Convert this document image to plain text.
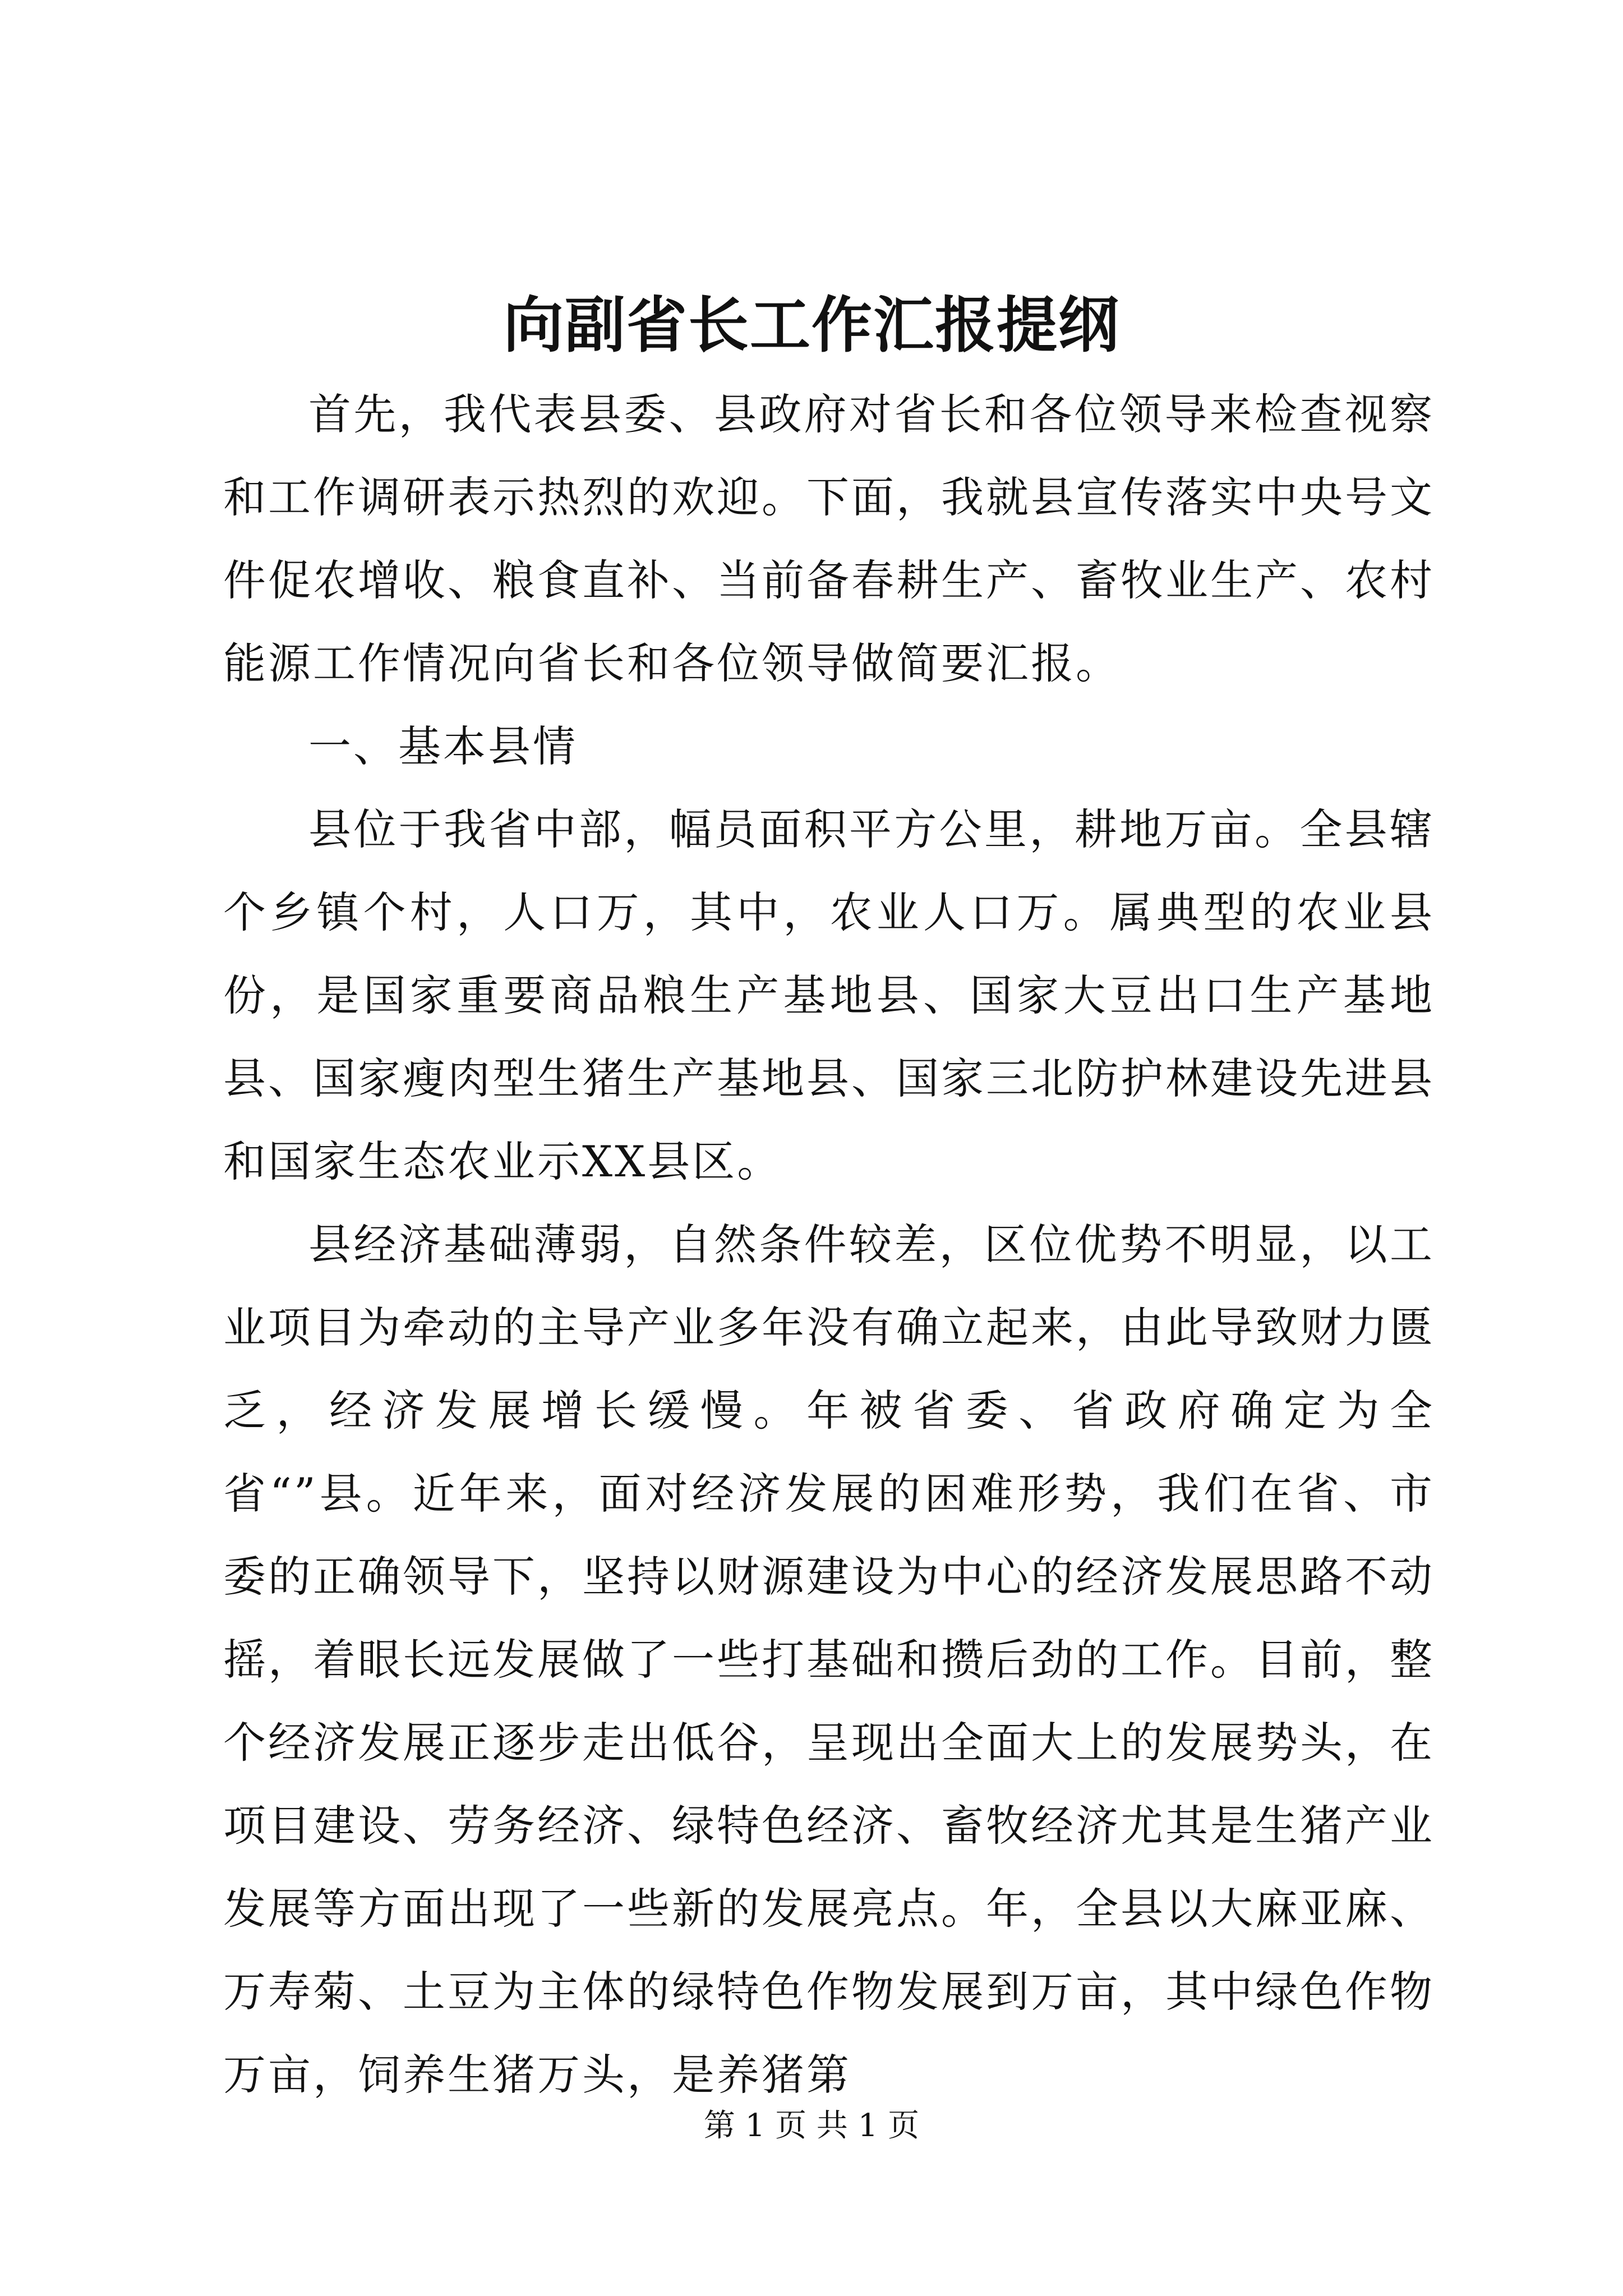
向副省长工作汇报提纲

首先，我代表县委、县政府对省长和各位领导来检查视察和工作调研表示热烈的欢迎。下面，我就县宣传落实中央号文件促农增收、粮食直补、当前备春耕生产、畜牧业生产、农村能源工作情况向省长和各位领导做简要汇报。

一、基本县情

县位于我省中部，幅员面积平方公里，耕地万亩。全县辖个乡镇个村，人口万，其中，农业人口万。属典型的农业县份，是国家重要商品粮生产基地县、国家大豆出口生产基地县、国家瘦肉型生猪生产基地县、国家三北防护林建设先进县和国家生态农业示XX县区。

县经济基础薄弱，自然条件较差，区位优势不明显，以工业项目为牵动的主导产业多年没有确立起来，由此导致财力匮乏，经济发展增长缓慢。年被省委、省政府确定为全省“”县。近年来，面对经济发展的困难形势，我们在省、市委的正确领导下，坚持以财源建设为中心的经济发展思路不动摇，着眼长远发展做了一些打基础和攒后劲的工作。目前，整个经济发展正逐步走出低谷，呈现出全面大上的发展势头，在项目建设、劳务经济、绿特色经济、畜牧经济尤其是生猪产业发展等方面出现了一些新的发展亮点。年，全县以大麻亚麻、万寿菊、土豆为主体的绿特色作物发展到万亩，其中绿色作物万亩，饲养生猪万头，是养猪第

第 1 页 共 1 页
